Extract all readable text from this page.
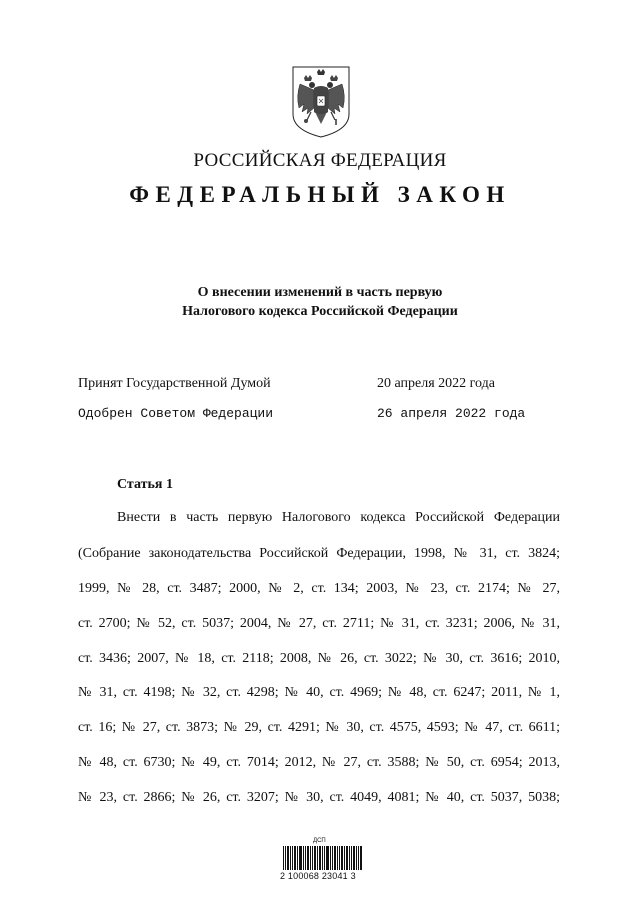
РОССИЙСКАЯ ФЕДЕРАЦИЯ
ФЕДЕРАЛЬНЫЙ ЗАКОН
О внесении изменений в часть первую
Налогового кодекса Российской Федерации
Принят Государственной Думой	20 апреля 2022 года
Одобрен Советом Федерации	26 апреля 2022 года
Статья 1
Внести в часть первую Налогового кодекса Российской Федерации
(Собрание законодательства Российской Федерации, 1998, № 31, ст. 3824;
1999, № 28, ст. 3487; 2000, № 2, ст. 134; 2003, № 23, ст. 2174; № 27,
ст. 2700; № 52, ст. 5037; 2004, № 27, ст. 2711; № 31, ст. 3231; 2006, № 31,
ст. 3436; 2007, № 18, ст. 2118; 2008, № 26, ст. 3022; № 30, ст. 3616; 2010,
№ 31, ст. 4198; № 32, ст. 4298; № 40, ст. 4969; № 48, ст. 6247; 2011, № 1,
ст. 16; № 27, ст. 3873; № 29, ст. 4291; № 30, ст. 4575, 4593; № 47, ст. 6611;
№ 48, ст. 6730; № 49, ст. 7014; 2012, № 27, ст. 3588; № 50, ст. 6954; 2013,
№ 23, ст. 2866; № 26, ст. 3207; № 30, ст. 4049, 4081; № 40, ст. 5037, 5038;
ДСП
2 100068 23041 3
